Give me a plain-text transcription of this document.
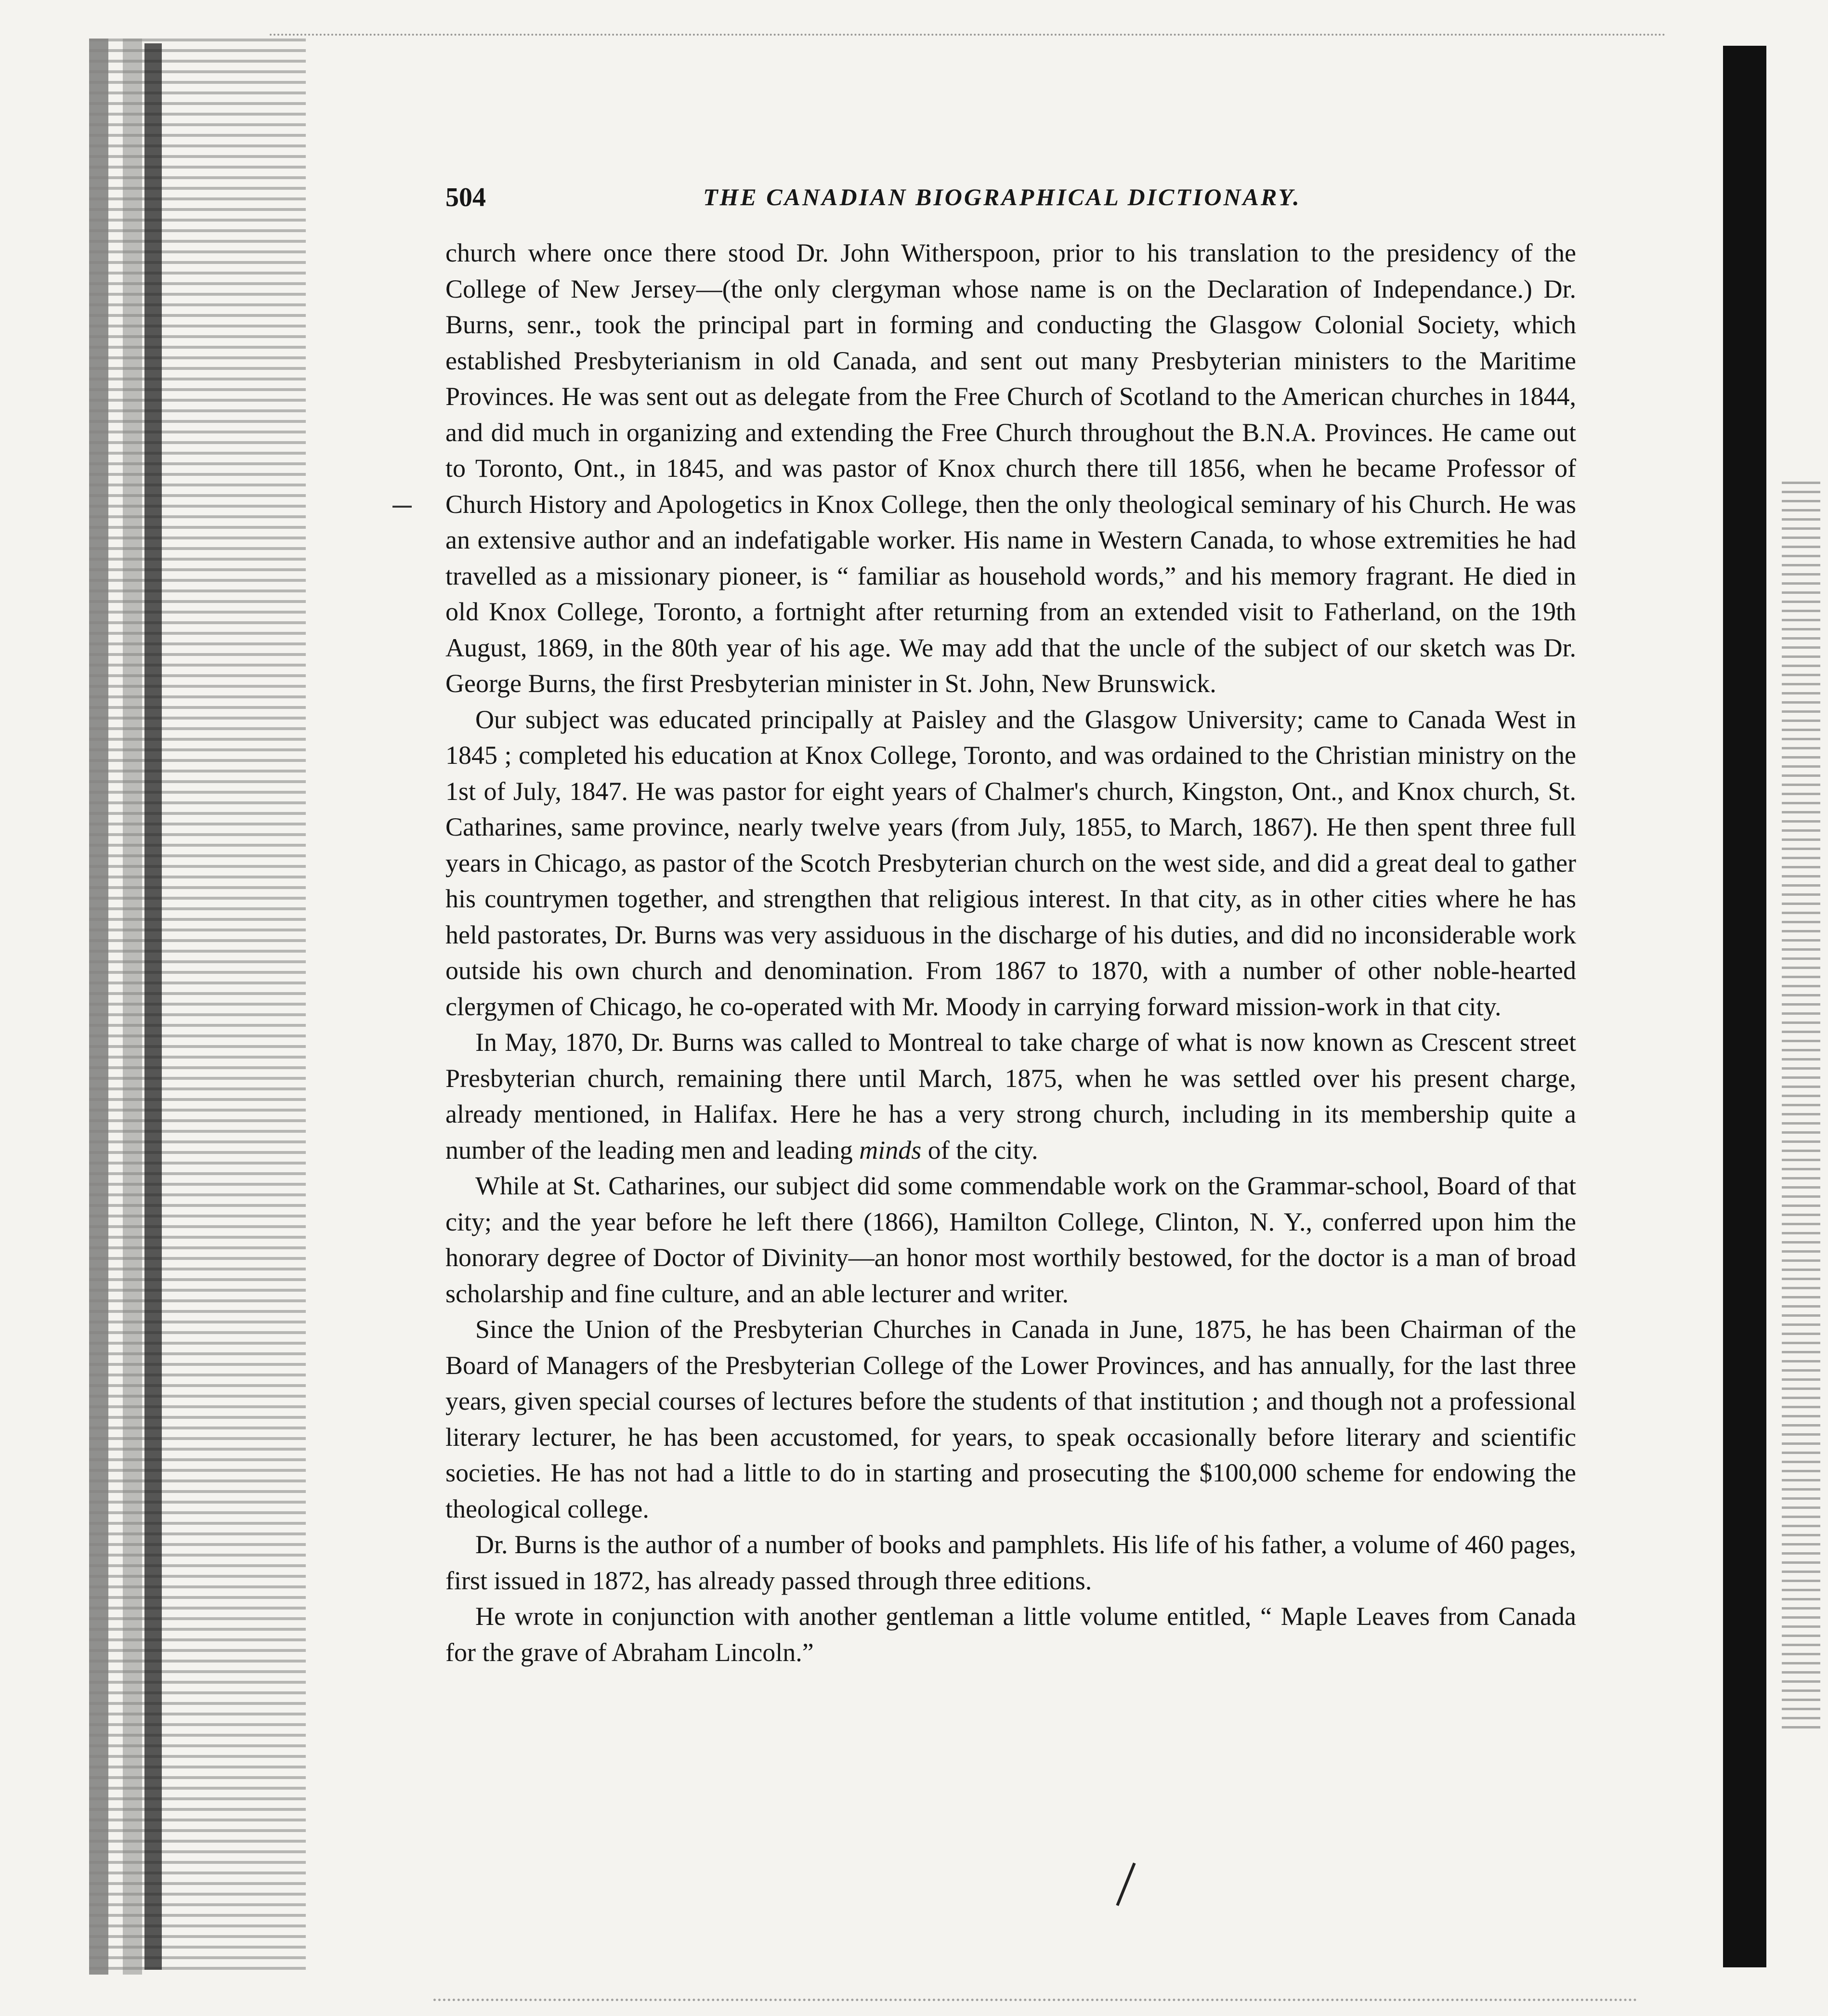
504	THE CANADIAN BIOGRAPHICAL DICTIONARY.

church where once there stood Dr. John Witherspoon, prior to his translation to the presidency of the College of New Jersey—(the only clergyman whose name is on the Declaration of Independance.) Dr. Burns, senr., took the principal part in forming and conducting the Glasgow Colonial Society, which established Presbyterianism in old Canada, and sent out many Presbyterian ministers to the Maritime Provinces. He was sent out as delegate from the Free Church of Scotland to the American churches in 1844, and did much in organizing and extending the Free Church throughout the B.N.A. Provinces. He came out to Toronto, Ont., in 1845, and was pastor of Knox church there till 1856, when he became Professor of Church History and Apologetics in Knox College, then the only theological seminary of his Church. He was an extensive author and an indefatigable worker. His name in Western Canada, to whose extremities he had travelled as a missionary pioneer, is “ familiar as household words,” and his memory fragrant. He died in old Knox College, Toronto, a fortnight after returning from an extended visit to Fatherland, on the 19th August, 1869, in the 80th year of his age. We may add that the uncle of the subject of our sketch was Dr. George Burns, the first Presbyterian minister in St. John, New Brunswick.

Our subject was educated principally at Paisley and the Glasgow University; came to Canada West in 1845 ; completed his education at Knox College, Toronto, and was ordained to the Christian ministry on the 1st of July, 1847. He was pastor for eight years of Chalmer's church, Kingston, Ont., and Knox church, St. Catharines, same province, nearly twelve years (from July, 1855, to March, 1867). He then spent three full years in Chicago, as pastor of the Scotch Presbyterian church on the west side, and did a great deal to gather his countrymen together, and strengthen that religious interest. In that city, as in other cities where he has held pastorates, Dr. Burns was very assiduous in the discharge of his duties, and did no inconsiderable work outside his own church and denomination. From 1867 to 1870, with a number of other noble-hearted clergymen of Chicago, he co-operated with Mr. Moody in carrying forward mission-work in that city.

In May, 1870, Dr. Burns was called to Montreal to take charge of what is now known as Crescent street Presbyterian church, remaining there until March, 1875, when he was settled over his present charge, already mentioned, in Halifax. Here he has a very strong church, including in its membership quite a number of the leading men and leading minds of the city.

While at St. Catharines, our subject did some commendable work on the Grammar-school, Board of that city; and the year before he left there (1866), Hamilton College, Clinton, N. Y., conferred upon him the honorary degree of Doctor of Divinity—an honor most worthily bestowed, for the doctor is a man of broad scholarship and fine culture, and an able lecturer and writer.

Since the Union of the Presbyterian Churches in Canada in June, 1875, he has been Chairman of the Board of Managers of the Presbyterian College of the Lower Provinces, and has annually, for the last three years, given special courses of lectures before the students of that institution ; and though not a professional literary lecturer, he has been accustomed, for years, to speak occasionally before literary and scientific societies. He has not had a little to do in starting and prosecuting the $100,000 scheme for endowing the theological college.

Dr. Burns is the author of a number of books and pamphlets. His life of his father, a volume of 460 pages, first issued in 1872, has already passed through three editions.

He wrote in conjunction with another gentleman a little volume entitled, “ Maple Leaves from Canada for the grave of Abraham Lincoln.”
